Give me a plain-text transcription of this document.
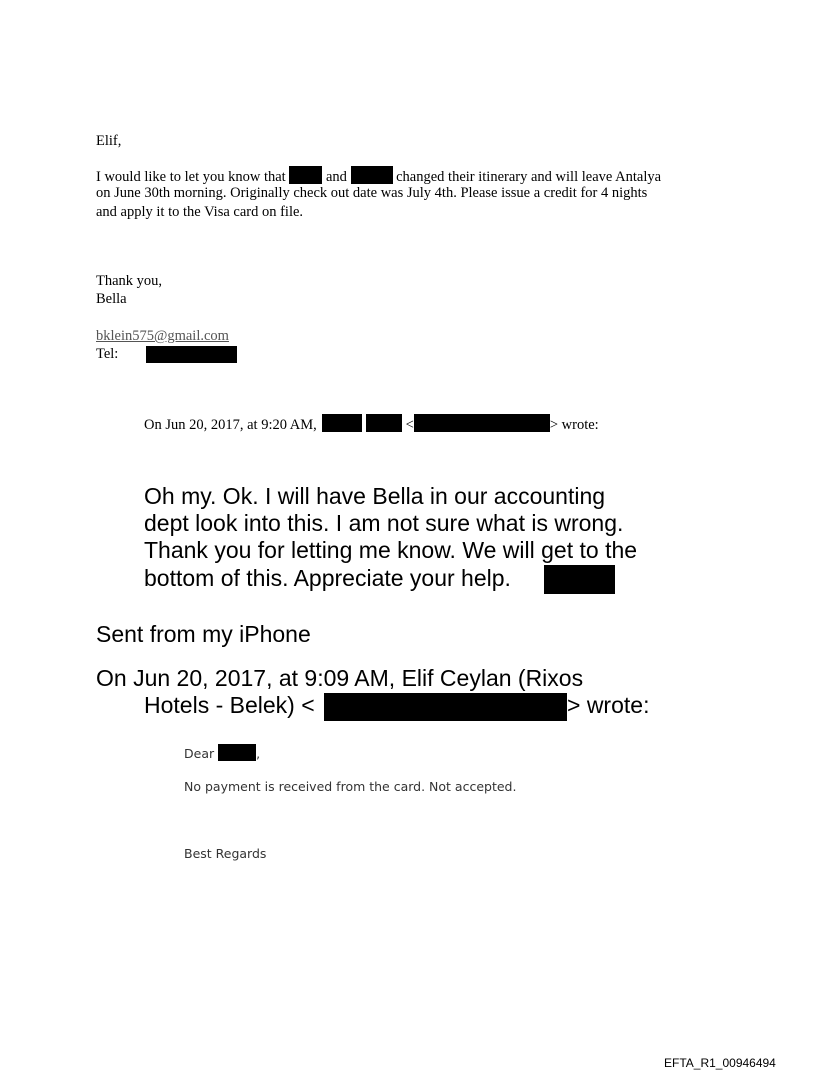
Elif,
I would like to let you know that	and	changed their itinerary and will leave Antalya
on June 30th morning. Originally check out date was July 4th. Please issue a credit for 4 nights
and apply it to the Visa card on file.
Thank you,
Bella
bklein575@gmail.com
Tel:
On Jun 20, 2017, at 9:20 AM,	<	> wrote:
Oh my. Ok. I will have Bella in our accounting
dept look into this. I am not sure what is wrong.
Thank you for letting me know. We will get to the
bottom of this. Appreciate your help.
Sent from my iPhone
On Jun 20, 2017, at 9:09 AM, Elif Ceylan (Rixos
Hotels - Belek) <	> wrote:
Dear	,
No payment is received from the card. Not accepted.
Best Regards
EFTA_R1_00946494
